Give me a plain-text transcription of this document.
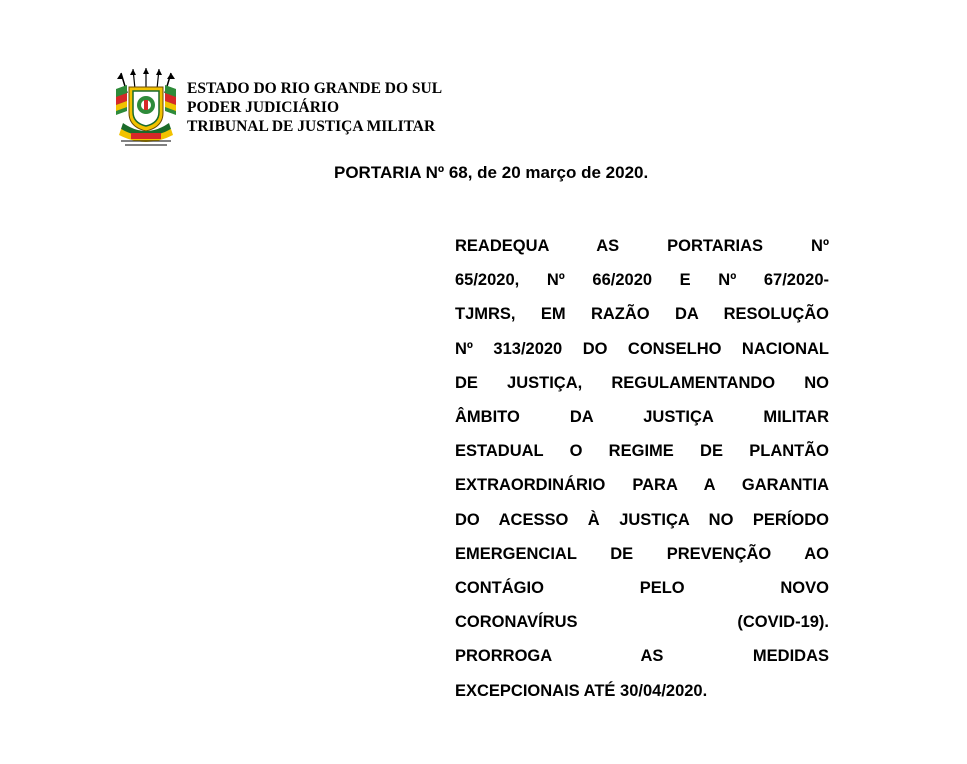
ESTADO DO RIO GRANDE DO SUL
PODER JUDICIÁRIO
TRIBUNAL DE JUSTIÇA MILITAR
PORTARIA Nº 68, de 20 março de 2020.
READEQUA AS PORTARIAS Nº
65/2020, Nº 66/2020 E Nº 67/2020-
TJMRS, EM RAZÃO DA RESOLUÇÃO
Nº 313/2020 DO CONSELHO NACIONAL
DE JUSTIÇA, REGULAMENTANDO NO
ÂMBITO DA JUSTIÇA MILITAR
ESTADUAL O REGIME DE PLANTÃO
EXTRAORDINÁRIO PARA A GARANTIA
DO ACESSO À JUSTIÇA NO PERÍODO
EMERGENCIAL DE PREVENÇÃO AO
CONTÁGIO PELO NOVO
CORONAVÍRUS (COVID-19).
PRORROGA AS MEDIDAS
EXCEPCIONAIS ATÉ 30/04/2020.
